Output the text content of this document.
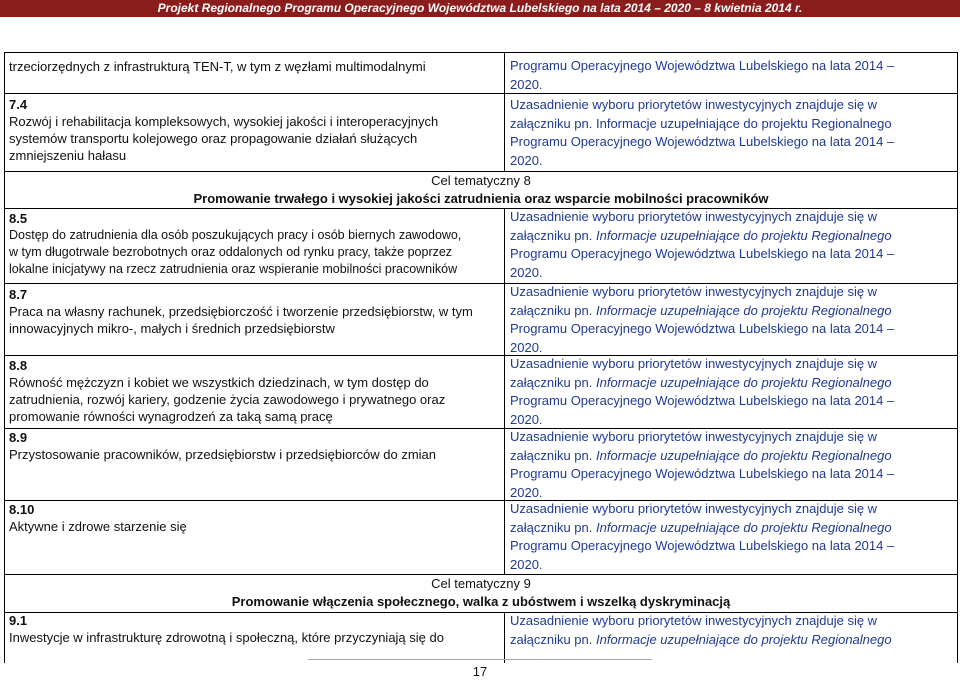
Projekt Regionalnego Programu Operacyjnego Województwa Lubelskiego na lata 2014 – 2020 – 8 kwietnia 2014 r.
trzeciorzędnych z infrastrukturą TEN-T, w tym z węzłami multimodalnymi	Programu Operacyjnego Województwa Lubelskiego na lata 2014 –
2020.
7.4
Rozwój i rehabilitacja kompleksowych, wysokiej jakości i interoperacyjnych
systemów transportu kolejowego oraz propagowanie działań służących
zmniejszeniu hałasu
Uzasadnienie wyboru priorytetów inwestycyjnych znajduje się w
załączniku pn. Informacje uzupełniające do projektu Regionalnego
Programu Operacyjnego Województwa Lubelskiego na lata 2014 –
2020.
Cel tematyczny 8
Promowanie trwałego i wysokiej jakości zatrudnienia oraz wsparcie mobilności pracowników
8.5
Dostęp do zatrudnienia dla osób poszukujących pracy i osób biernych zawodowo,
w tym długotrwale bezrobotnych oraz oddalonych od rynku pracy, także poprzez
lokalne inicjatywy na rzecz zatrudnienia oraz wspieranie mobilności pracowników
Uzasadnienie wyboru priorytetów inwestycyjnych znajduje się w
załączniku pn. Informacje uzupełniające do projektu Regionalnego
Programu Operacyjnego Województwa Lubelskiego na lata 2014 –
2020.
8.7
Praca na własny rachunek, przedsiębiorczość i tworzenie przedsiębiorstw, w tym
innowacyjnych mikro-, małych i średnich przedsiębiorstw
Uzasadnienie wyboru priorytetów inwestycyjnych znajduje się w
załączniku pn. Informacje uzupełniające do projektu Regionalnego
Programu Operacyjnego Województwa Lubelskiego na lata 2014 –
2020.
8.8
Równość mężczyzn i kobiet we wszystkich dziedzinach, w tym dostęp do
zatrudnienia, rozwój kariery, godzenie życia zawodowego i prywatnego oraz
promowanie równości wynagrodzeń za taką samą pracę
Uzasadnienie wyboru priorytetów inwestycyjnych znajduje się w
załączniku pn. Informacje uzupełniające do projektu Regionalnego
Programu Operacyjnego Województwa Lubelskiego na lata 2014 –
2020.
8.9
Przystosowanie pracowników, przedsiębiorstw i przedsiębiorców do zmian
Uzasadnienie wyboru priorytetów inwestycyjnych znajduje się w
załączniku pn. Informacje uzupełniające do projektu Regionalnego
Programu Operacyjnego Województwa Lubelskiego na lata 2014 –
2020.
8.10
Aktywne i zdrowe starzenie się
Uzasadnienie wyboru priorytetów inwestycyjnych znajduje się w
załączniku pn. Informacje uzupełniające do projektu Regionalnego
Programu Operacyjnego Województwa Lubelskiego na lata 2014 –
2020.
Cel tematyczny 9
Promowanie włączenia społecznego, walka z ubóstwem i wszelką dyskryminacją
9.1
Inwestycje w infrastrukturę zdrowotną i społeczną, które przyczyniają się do
Uzasadnienie wyboru priorytetów inwestycyjnych znajduje się w
załączniku pn. Informacje uzupełniające do projektu Regionalnego
17
